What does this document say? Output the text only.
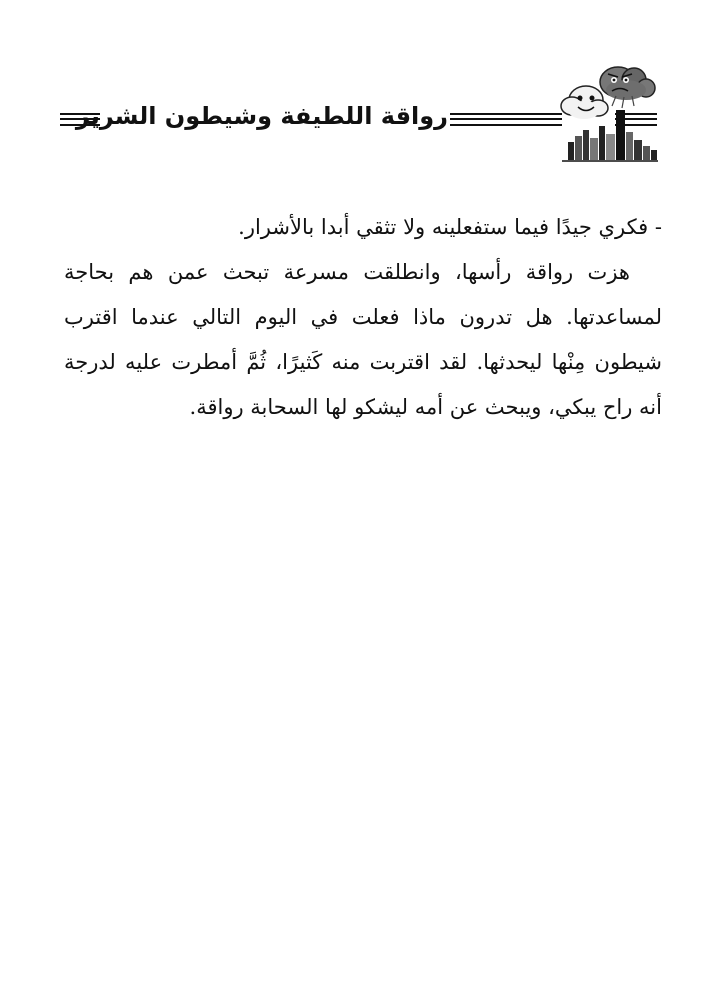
رواقة اللطيفة وشيطون الشرير

- فكري جيدًا فيما ستفعلينه ولا تثقي أبدا بالأشرار.

هزت رواقة رأسها، وانطلقت مسرعة تبحث عمن هم بحاجة لمساعدتها. هل تدرون ماذا فعلت في اليوم التالي عندما اقترب شيطون مِنْها ليحدثها. لقد اقتربت منه كَثيرًا، ثُمَّ أمطرت عليه لدرجة أنه راح يبكي، ويبحث عن أمه ليشكو لها السحابة رواقة.
